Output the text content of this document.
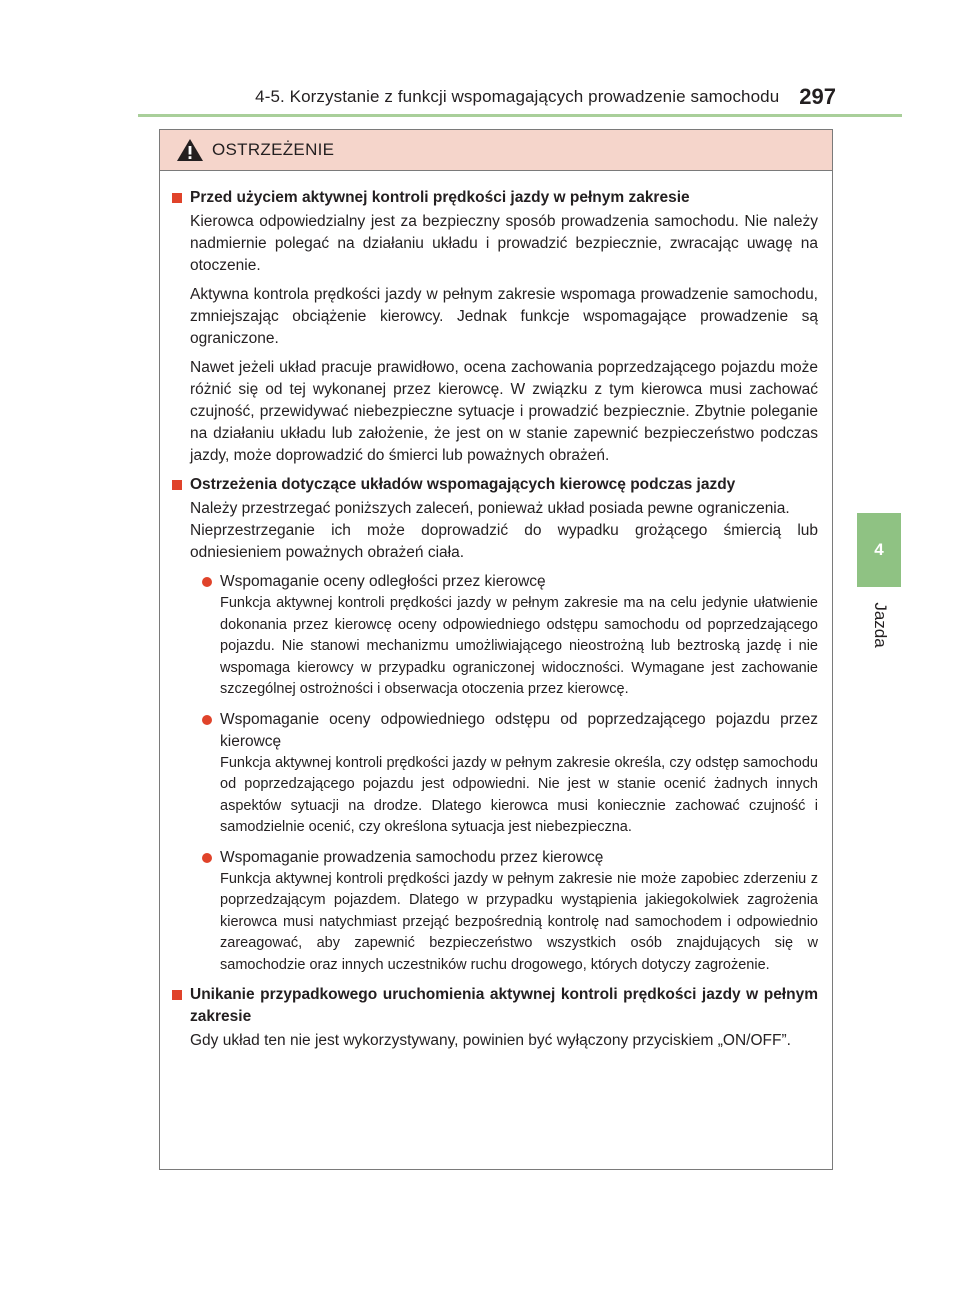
4-5. Korzystanie z funkcji wspomagających prowadzenie samochodu 297
4
Jazda
OSTRZEŻENIE
Przed użyciem aktywnej kontroli prędkości jazdy w pełnym zakresie

Kierowca odpowiedzialny jest za bezpieczny sposób prowadzenia samochodu. Nie należy nadmiernie polegać na działaniu układu i prowadzić bezpiecznie, zwracając uwagę na otoczenie.

Aktywna kontrola prędkości jazdy w pełnym zakresie wspomaga prowadzenie samochodu, zmniejszając obciążenie kierowcy. Jednak funkcje wspomagające prowadzenie są ograniczone.

Nawet jeżeli układ pracuje prawidłowo, ocena zachowania poprzedzającego pojazdu może różnić się od tej wykonanej przez kierowcę. W związku z tym kierowca musi zachować czujność, przewidywać niebezpieczne sytuacje i prowadzić bezpiecznie. Zbytnie poleganie na działaniu układu lub założenie, że jest on w stanie zapewnić bezpieczeństwo podczas jazdy, może doprowadzić do śmierci lub poważnych obrażeń.

Ostrzeżenia dotyczące układów wspomagających kierowcę podczas jazdy

Należy przestrzegać poniższych zaleceń, ponieważ układ posiada pewne ograniczenia.

Nieprzestrzeganie ich może doprowadzić do wypadku grożącego śmiercią lub odniesieniem poważnych obrażeń ciała.

Wspomaganie oceny odległości przez kierowcę
Funkcja aktywnej kontroli prędkości jazdy w pełnym zakresie ma na celu jedynie ułatwienie dokonania przez kierowcę oceny odpowiedniego odstępu samochodu od poprzedzającego pojazdu. Nie stanowi mechanizmu umożliwiającego nieostrożną lub beztroską jazdę i nie wspomaga kierowcy w przypadku ograniczonej widoczności. Wymagane jest zachowanie szczególnej ostrożności i obserwacja otoczenia przez kierowcę.
Wspomaganie oceny odpowiedniego odstępu od poprzedzającego pojazdu przez kierowcę
Funkcja aktywnej kontroli prędkości jazdy w pełnym zakresie określa, czy odstęp samochodu od poprzedzającego pojazdu jest odpowiedni. Nie jest w stanie ocenić żadnych innych aspektów sytuacji na drodze. Dlatego kierowca musi koniecznie zachować czujność i samodzielnie ocenić, czy określona sytuacja jest niebezpieczna.
Wspomaganie prowadzenia samochodu przez kierowcę
Funkcja aktywnej kontroli prędkości jazdy w pełnym zakresie nie może zapobiec zderzeniu z poprzedzającym pojazdem. Dlatego w przypadku wystąpienia jakiegokolwiek zagrożenia kierowca musi natychmiast przejąć bezpośrednią kontrolę nad samochodem i odpowiednio zareagować, aby zapewnić bezpieczeństwo wszystkich osób znajdujących się w samochodzie oraz innych uczestników ruchu drogowego, których dotyczy zagrożenie.
Unikanie przypadkowego uruchomienia aktywnej kontroli prędkości jazdy w pełnym zakresie

Gdy układ ten nie jest wykorzystywany, powinien być wyłączony przyciskiem „ON/OFF”.
